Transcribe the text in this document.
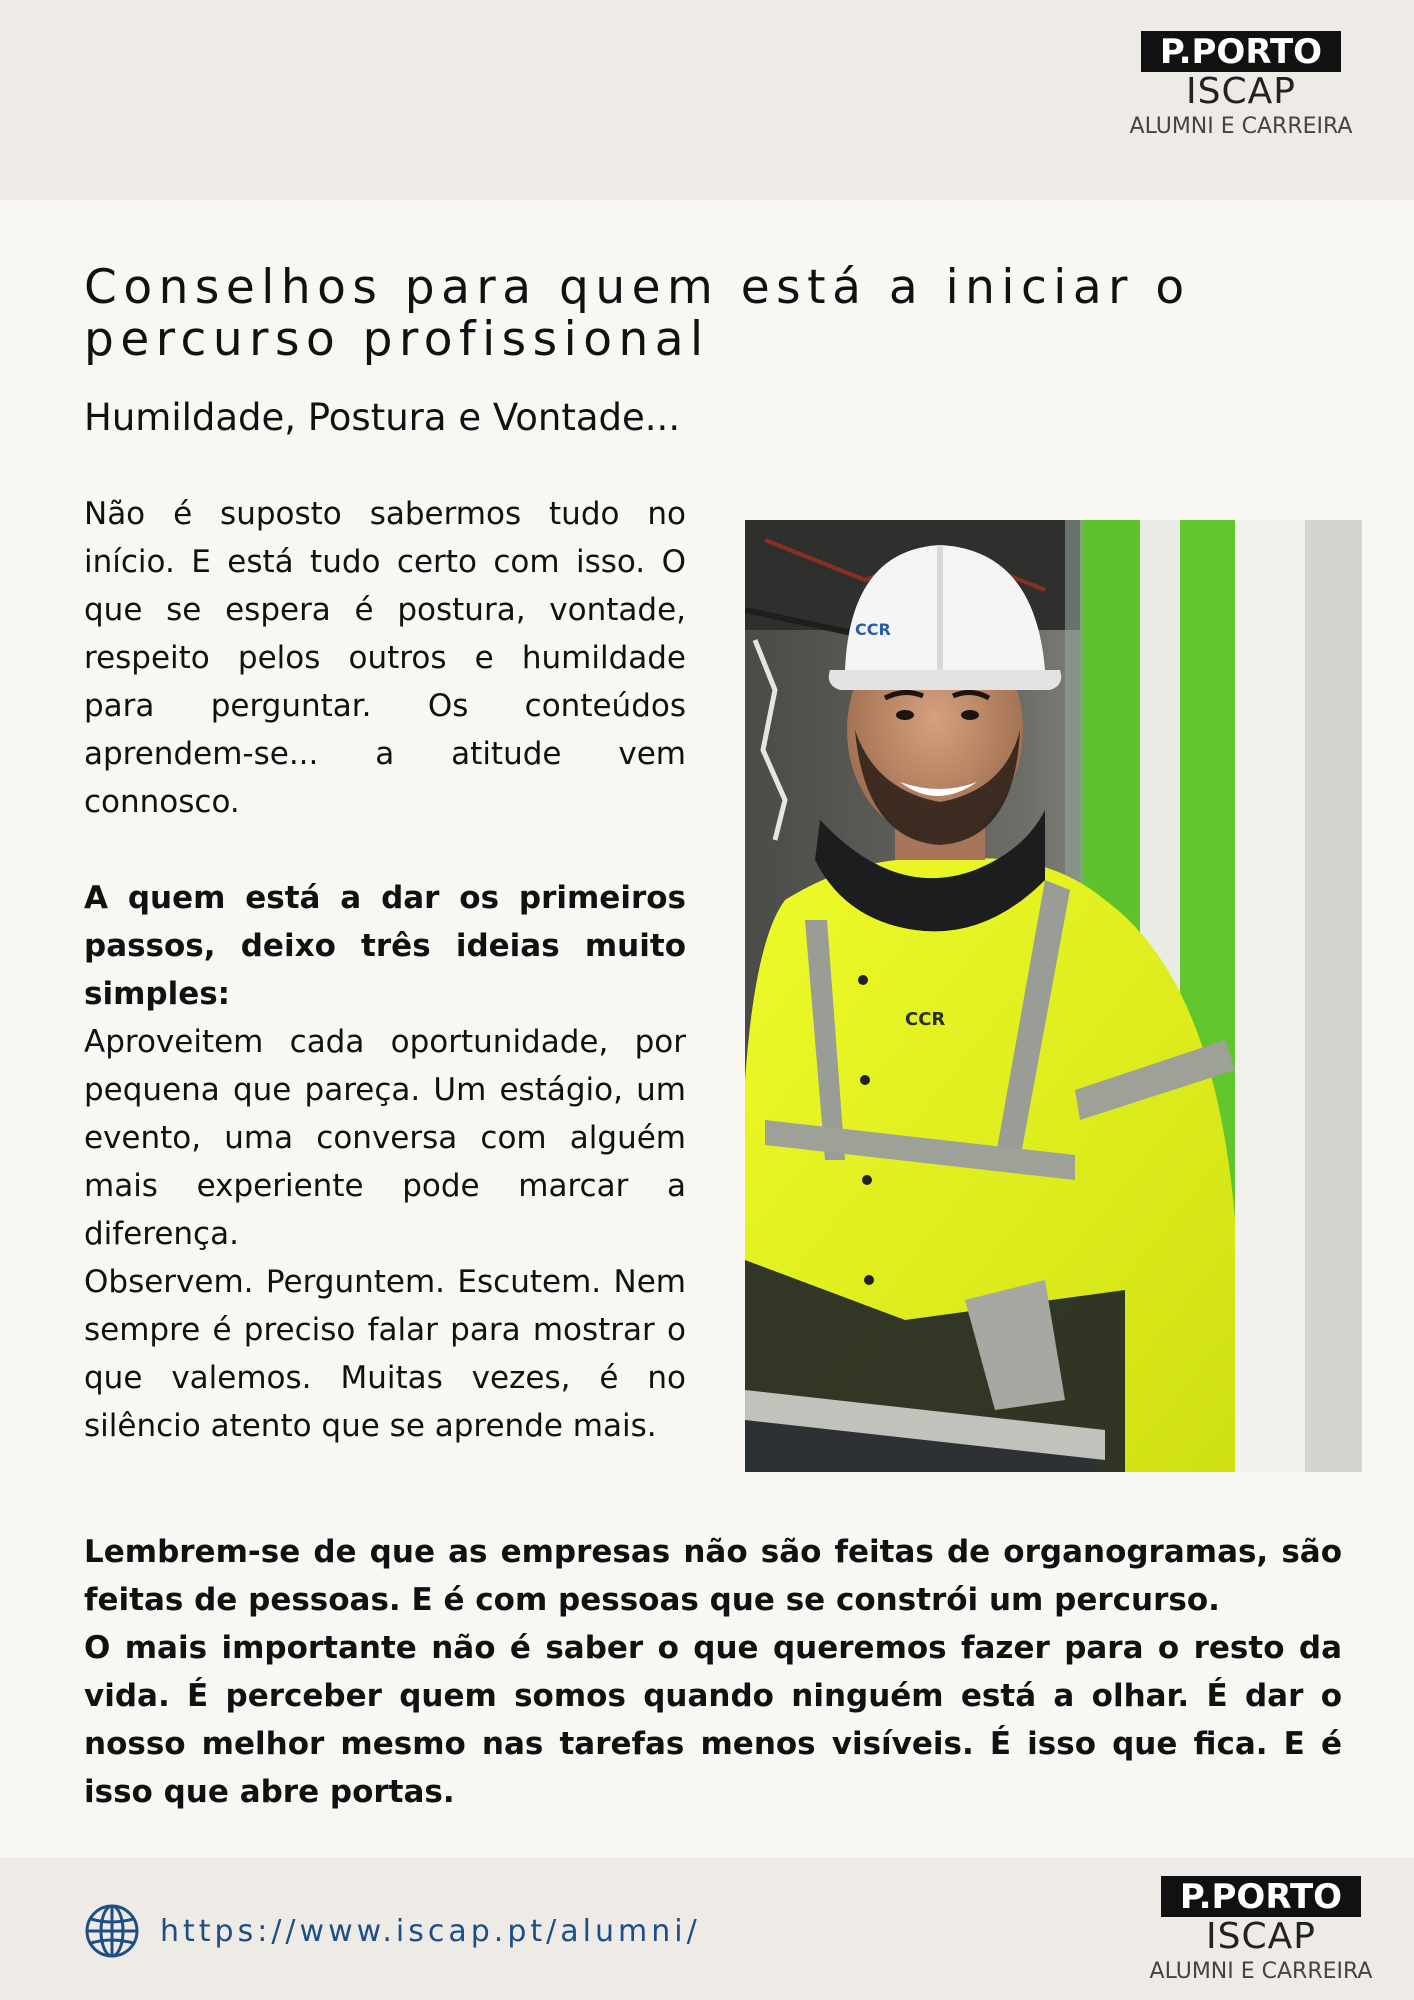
P.PORTO
ISCAP
ALUMNI E CARREIRA
Conselhos para quem está a iniciar o percurso profissional
Humildade, Postura e Vontade...

Não é suposto sabermos tudo no início. E está tudo certo com isso. O que se espera é postura, vontade, respeito pelos outros e humildade para perguntar. Os conteúdos aprendem-se... a atitude vem connosco.

A quem está a dar os primeiros passos, deixo três ideias muito simples:

Aproveitem cada oportunidade, por pequena que pareça. Um estágio, um evento, uma conversa com alguém mais experiente pode marcar a diferença.

Observem. Perguntem. Escutem. Nem sempre é preciso falar para mostrar o que valemos. Muitas vezes, é no silêncio atento que se aprende mais.

CCR
CCR

Lembrem-se de que as empresas não são feitas de organogramas, são feitas de pessoas. E é com pessoas que se constrói um percurso.

O mais importante não é saber o que queremos fazer para o resto da vida. É perceber quem somos quando ninguém está a olhar. É dar o nosso melhor mesmo nas tarefas menos visíveis. É isso que fica. E é isso que abre portas.

https://www.iscap.pt/alumni/
P.PORTO
ISCAP
ALUMNI E CARREIRA
